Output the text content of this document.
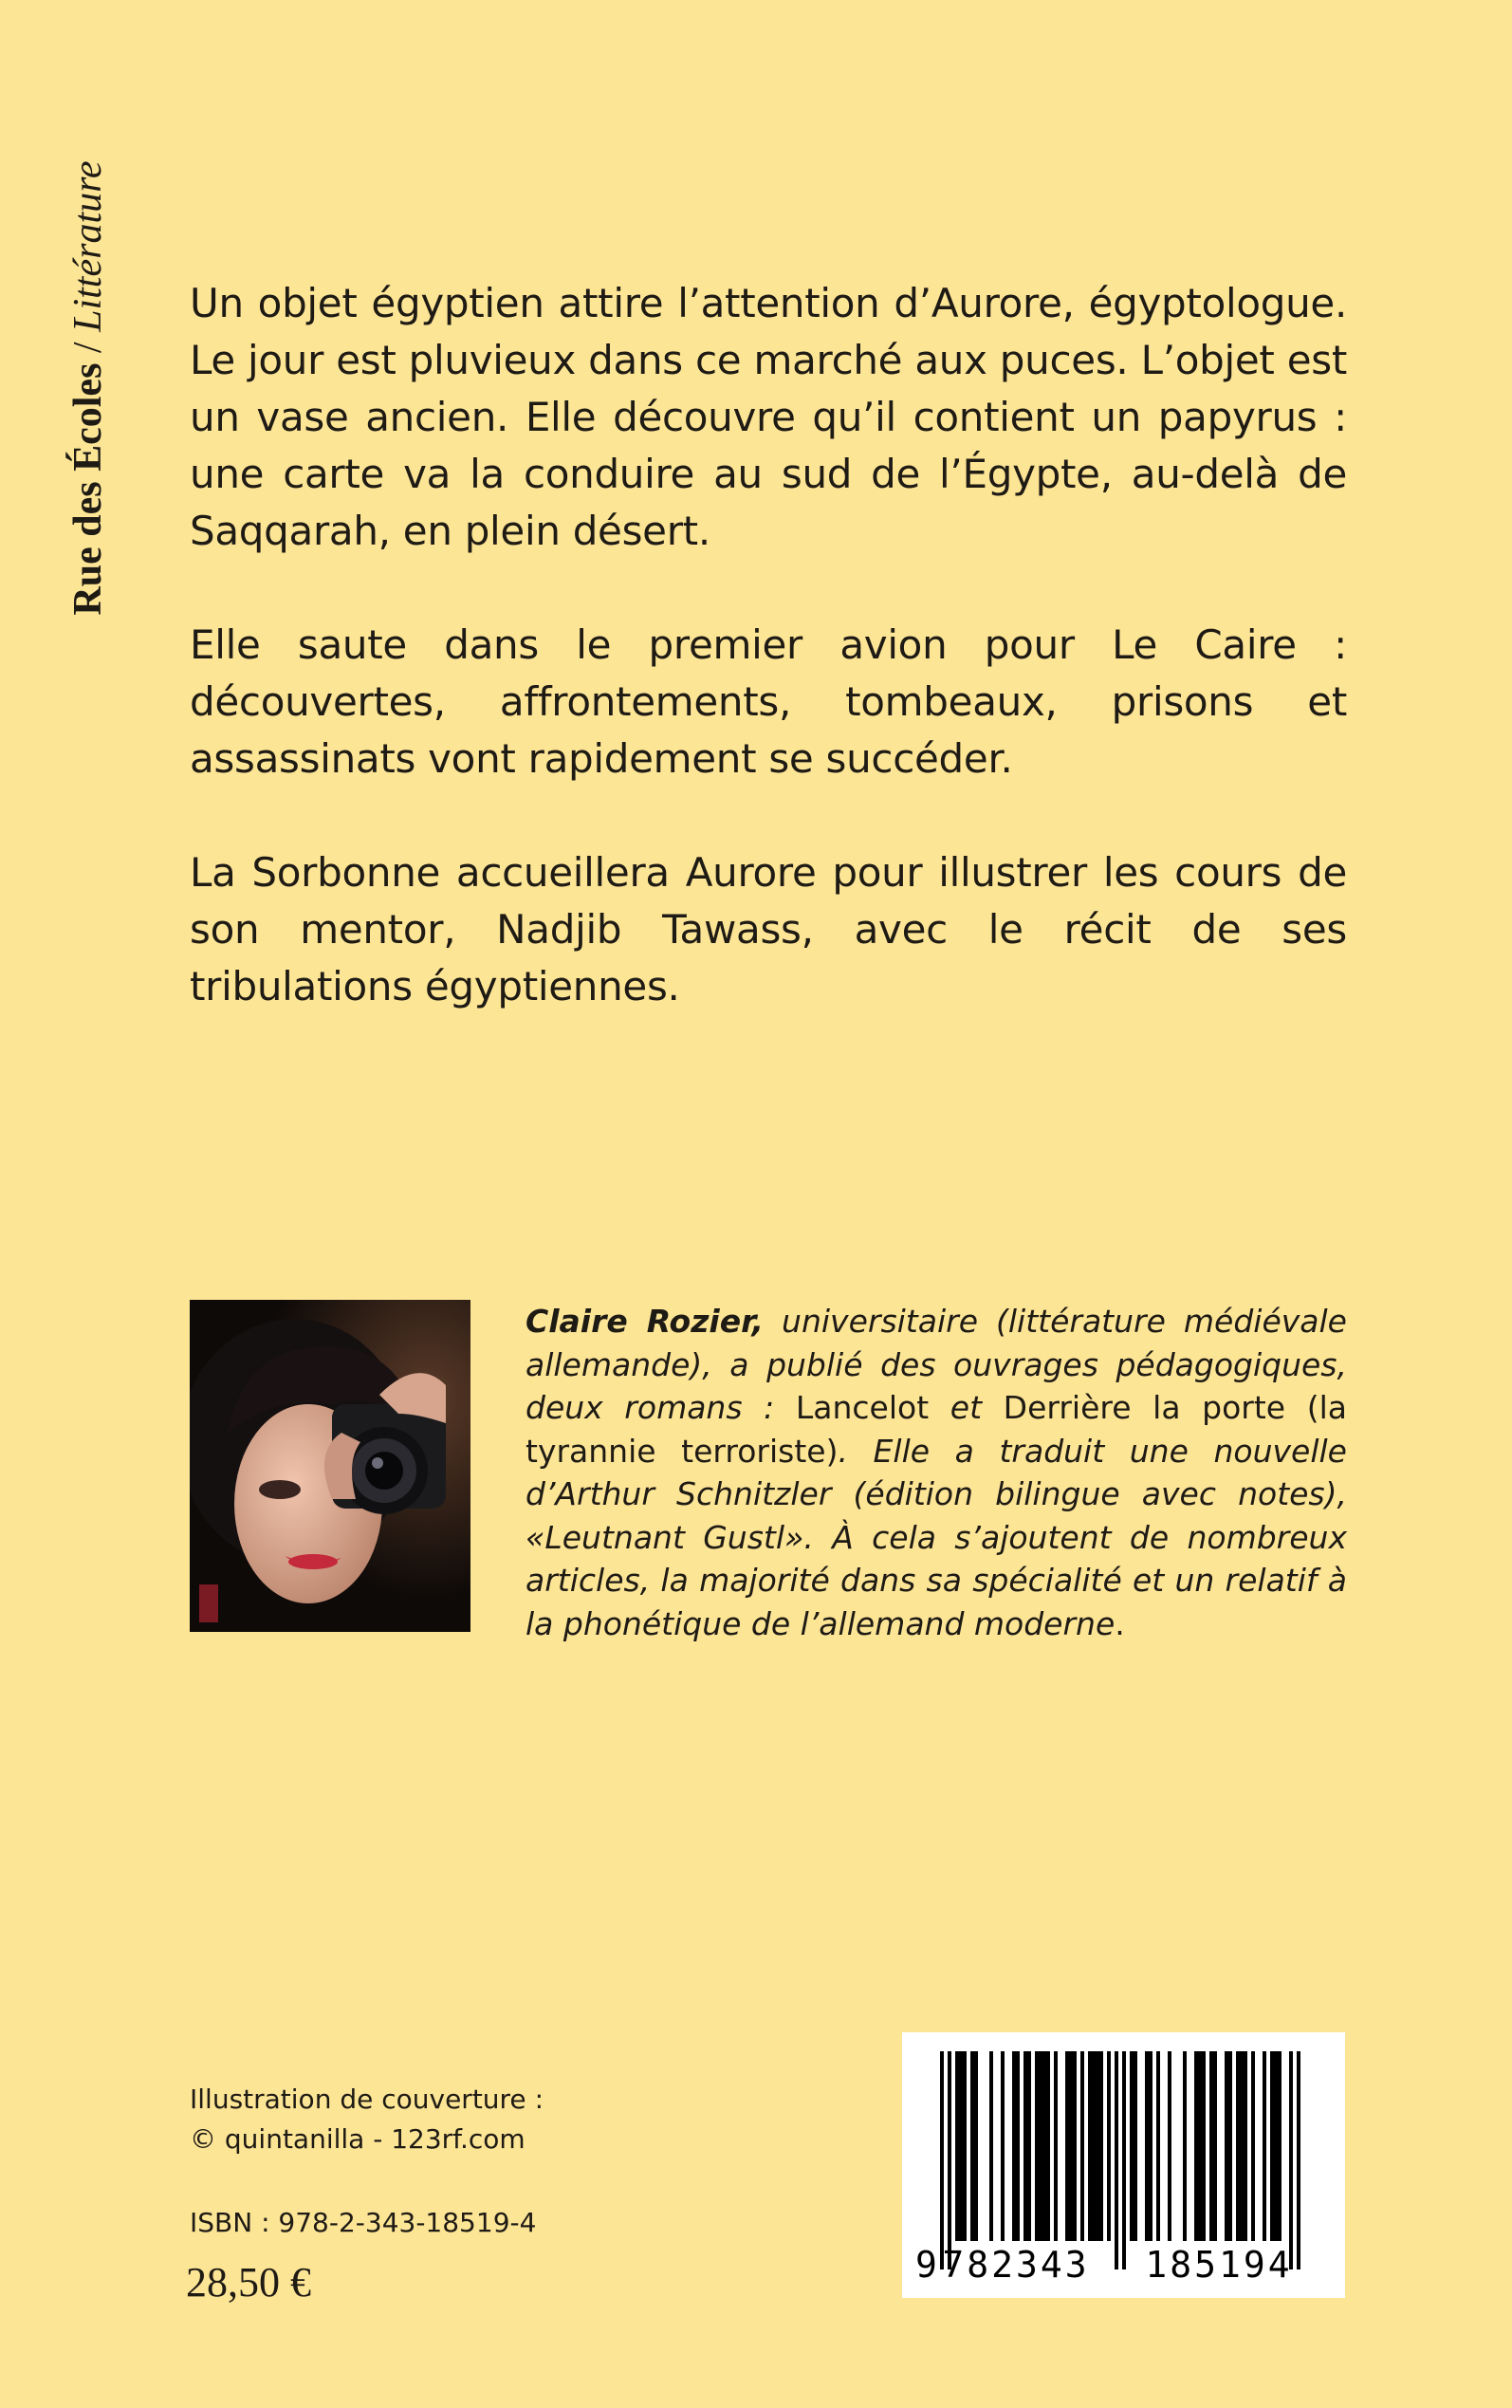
Rue des Écoles / Littérature Un objet égyptien attire l’attention d’Aurore, égyptologue. Le jour est pluvieux dans ce marché aux puces. L’objet est un vase ancien. Elle découvre qu’il contient un papyrus : une carte va la conduire au sud de l’Égypte, au-delà de Saqqarah, en plein désert.

Elle saute dans le premier avion pour Le Caire : découvertes, affrontements, tombeaux, prisons et assassinats vont rapidement se succéder.

La Sorbonne accueillera Aurore pour illustrer les cours de son mentor, Nadjib Tawass, avec le récit de ses tribulations égyptiennes.

Claire Rozier, universitaire (littérature médiévale allemande), a publié des ouvrages pédagogiques, deux romans : Lancelot et Derrière la porte (la tyrannie terroriste). Elle a traduit une nouvelle d’Arthur Schnitzler (édition bilingue avec notes), «Leutnant Gustl». À cela s’ajoutent de nombreux articles, la majorité dans sa spécialité et un relatif à la phonétique de l’allemand moderne.

Illustration de couverture :
© quintanilla - 123rf.com
ISBN : 978-2-343-18519-4
28,50 €	9 782343 185194
